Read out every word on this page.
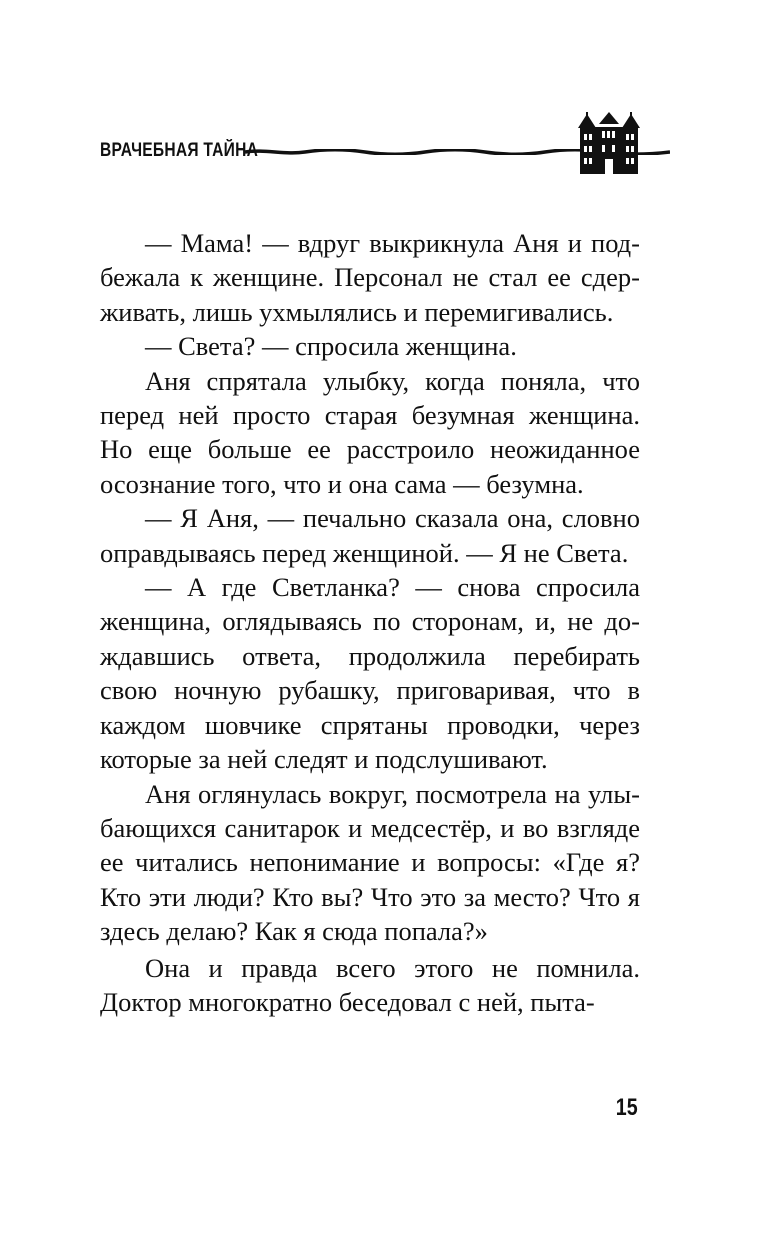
ВРАЧЕБНАЯ ТАЙНА

— Мама! — вдруг выкрикнула Аня и подбежала к женщине. Персонал не стал ее сдерживать, лишь ухмылялись и перемигивались.

— Света? — спросила женщина.

Аня спрятала улыбку, когда поняла, что перед ней просто старая безумная женщина. Но еще больше ее расстроило неожиданное осознание того, что и она сама — безумна.

— Я Аня, — печально сказала она, словно оправдываясь перед женщиной. — Я не Света.

— А где Светланка? — снова спросила женщина, оглядываясь по сторонам, и, не дождавшись ответа, продолжила перебирать свою ночную рубашку, приговаривая, что в каждом шовчике спрятаны проводки, через которые за ней следят и подслушивают.

Аня оглянулась вокруг, посмотрела на улыбающихся санитарок и медсестёр, и во взгляде ее читались непонимание и вопросы: «Где я? Кто эти люди? Кто вы? Что это за место? Что я здесь делаю? Как я сюда попала?»

Она и правда всего этого не помнила. Доктор многократно беседовал с ней, пыта-

15
